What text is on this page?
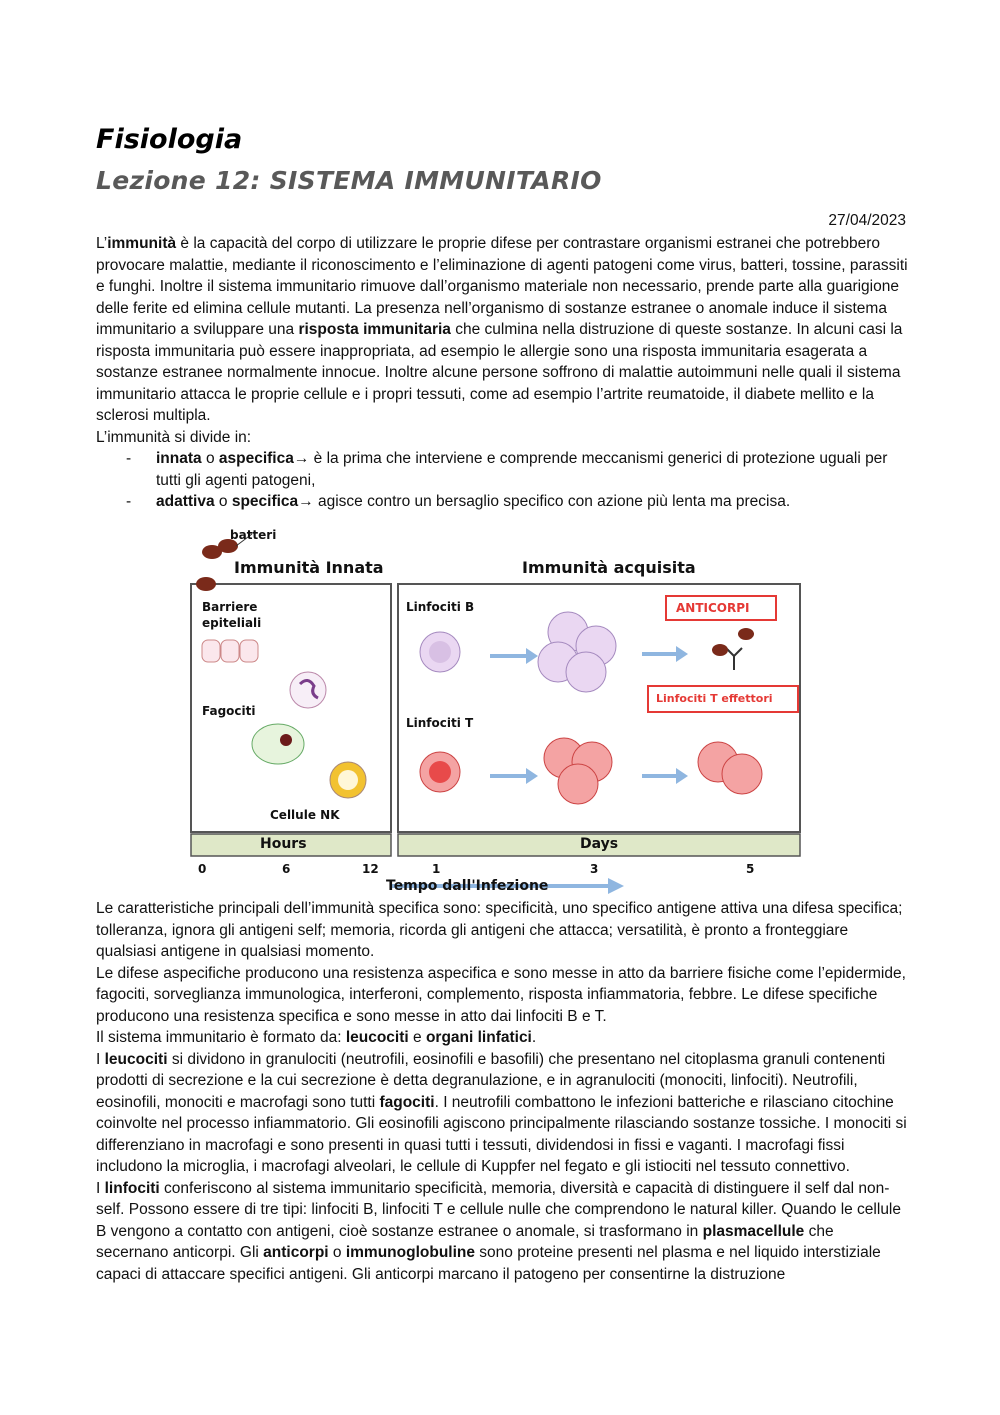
Fisiologia
Lezione 12: SISTEMA IMMUNITARIO
27/04/2023

L’immunità è la capacità del corpo di utilizzare le proprie difese per contrastare organismi estranei che potrebbero provocare malattie, mediante il riconoscimento e l’eliminazione di agenti patogeni come virus, batteri, tossine, parassiti e funghi. Inoltre il sistema immunitario rimuove dall’organismo materiale non necessario, prende parte alla guarigione delle ferite ed elimina cellule mutanti. La presenza nell’organismo di sostanze estranee o anomale induce il sistema immunitario a sviluppare una risposta immunitaria che culmina nella distruzione di queste sostanze. In alcuni casi la risposta immunitaria può essere inappropriata, ad esempio le allergie sono una risposta immunitaria esagerata a sostanze estranee normalmente innocue. Inoltre alcune persone soffrono di malattie autoimmuni nelle quali il sistema immunitario attacca le proprie cellule e i propri tessuti, come ad esempio l’artrite reumatoide, il diabete mellito e la sclerosi multipla.

L’immunità si divide in:

- innata o aspecifica→ è la prima che interviene e comprende meccanismi generici di protezione uguali per tutti gli agenti patogeni,
- adattiva o specifica→ agisce contro un bersaglio specifico con azione più lenta ma precisa.
batteri
Immunità Innata	Immunità acquisita
Barriere
epiteliali
Fagociti
Cellule NK
Linfociti B
Linfociti T
ANTICORPI
Linfociti T effettori
Hours	Days
0	6	12	1	3	5
Tempo dall'Infezione

Le caratteristiche principali dell’immunità specifica sono: specificità, uno specifico antigene attiva una difesa specifica; tolleranza, ignora gli antigeni self; memoria, ricorda gli antigeni che attacca; versatilità, è pronto a fronteggiare qualsiasi antigene in qualsiasi momento.

Le difese aspecifiche producono una resistenza aspecifica e sono messe in atto da barriere fisiche come l’epidermide, fagociti, sorveglianza immunologica, interferoni, complemento, risposta infiammatoria, febbre. Le difese specifiche producono una resistenza specifica e sono messe in atto dai linfociti B e T.

Il sistema immunitario è formato da: leucociti e organi linfatici.

I leucociti si dividono in granulociti (neutrofili, eosinofili e basofili) che presentano nel citoplasma granuli contenenti prodotti di secrezione e la cui secrezione è detta degranulazione, e in agranulociti (monociti, linfociti). Neutrofili, eosinofili, monociti e macrofagi sono tutti fagociti. I neutrofili combattono le infezioni batteriche e rilasciano citochine coinvolte nel processo infiammatorio. Gli eosinofili agiscono principalmente rilasciando sostanze tossiche. I monociti si differenziano in macrofagi e sono presenti in quasi tutti i tessuti, dividendosi in fissi e vaganti. I macrofagi fissi includono la microglia, i macrofagi alveolari, le cellule di Kuppfer nel fegato e gli istiociti nel tessuto connettivo.

I linfociti conferiscono al sistema immunitario specificità, memoria, diversità e capacità di distinguere il self dal non-self. Possono essere di tre tipi: linfociti B, linfociti T e cellule nulle che comprendono le natural killer. Quando le cellule B vengono a contatto con antigeni, cioè sostanze estranee o anomale, si trasformano in plasmacellule che secernano anticorpi. Gli anticorpi o immunoglobuline sono proteine presenti nel plasma e nel liquido interstiziale capaci di attaccare specifici antigeni. Gli anticorpi marcano il patogeno per consentirne la distruzione
